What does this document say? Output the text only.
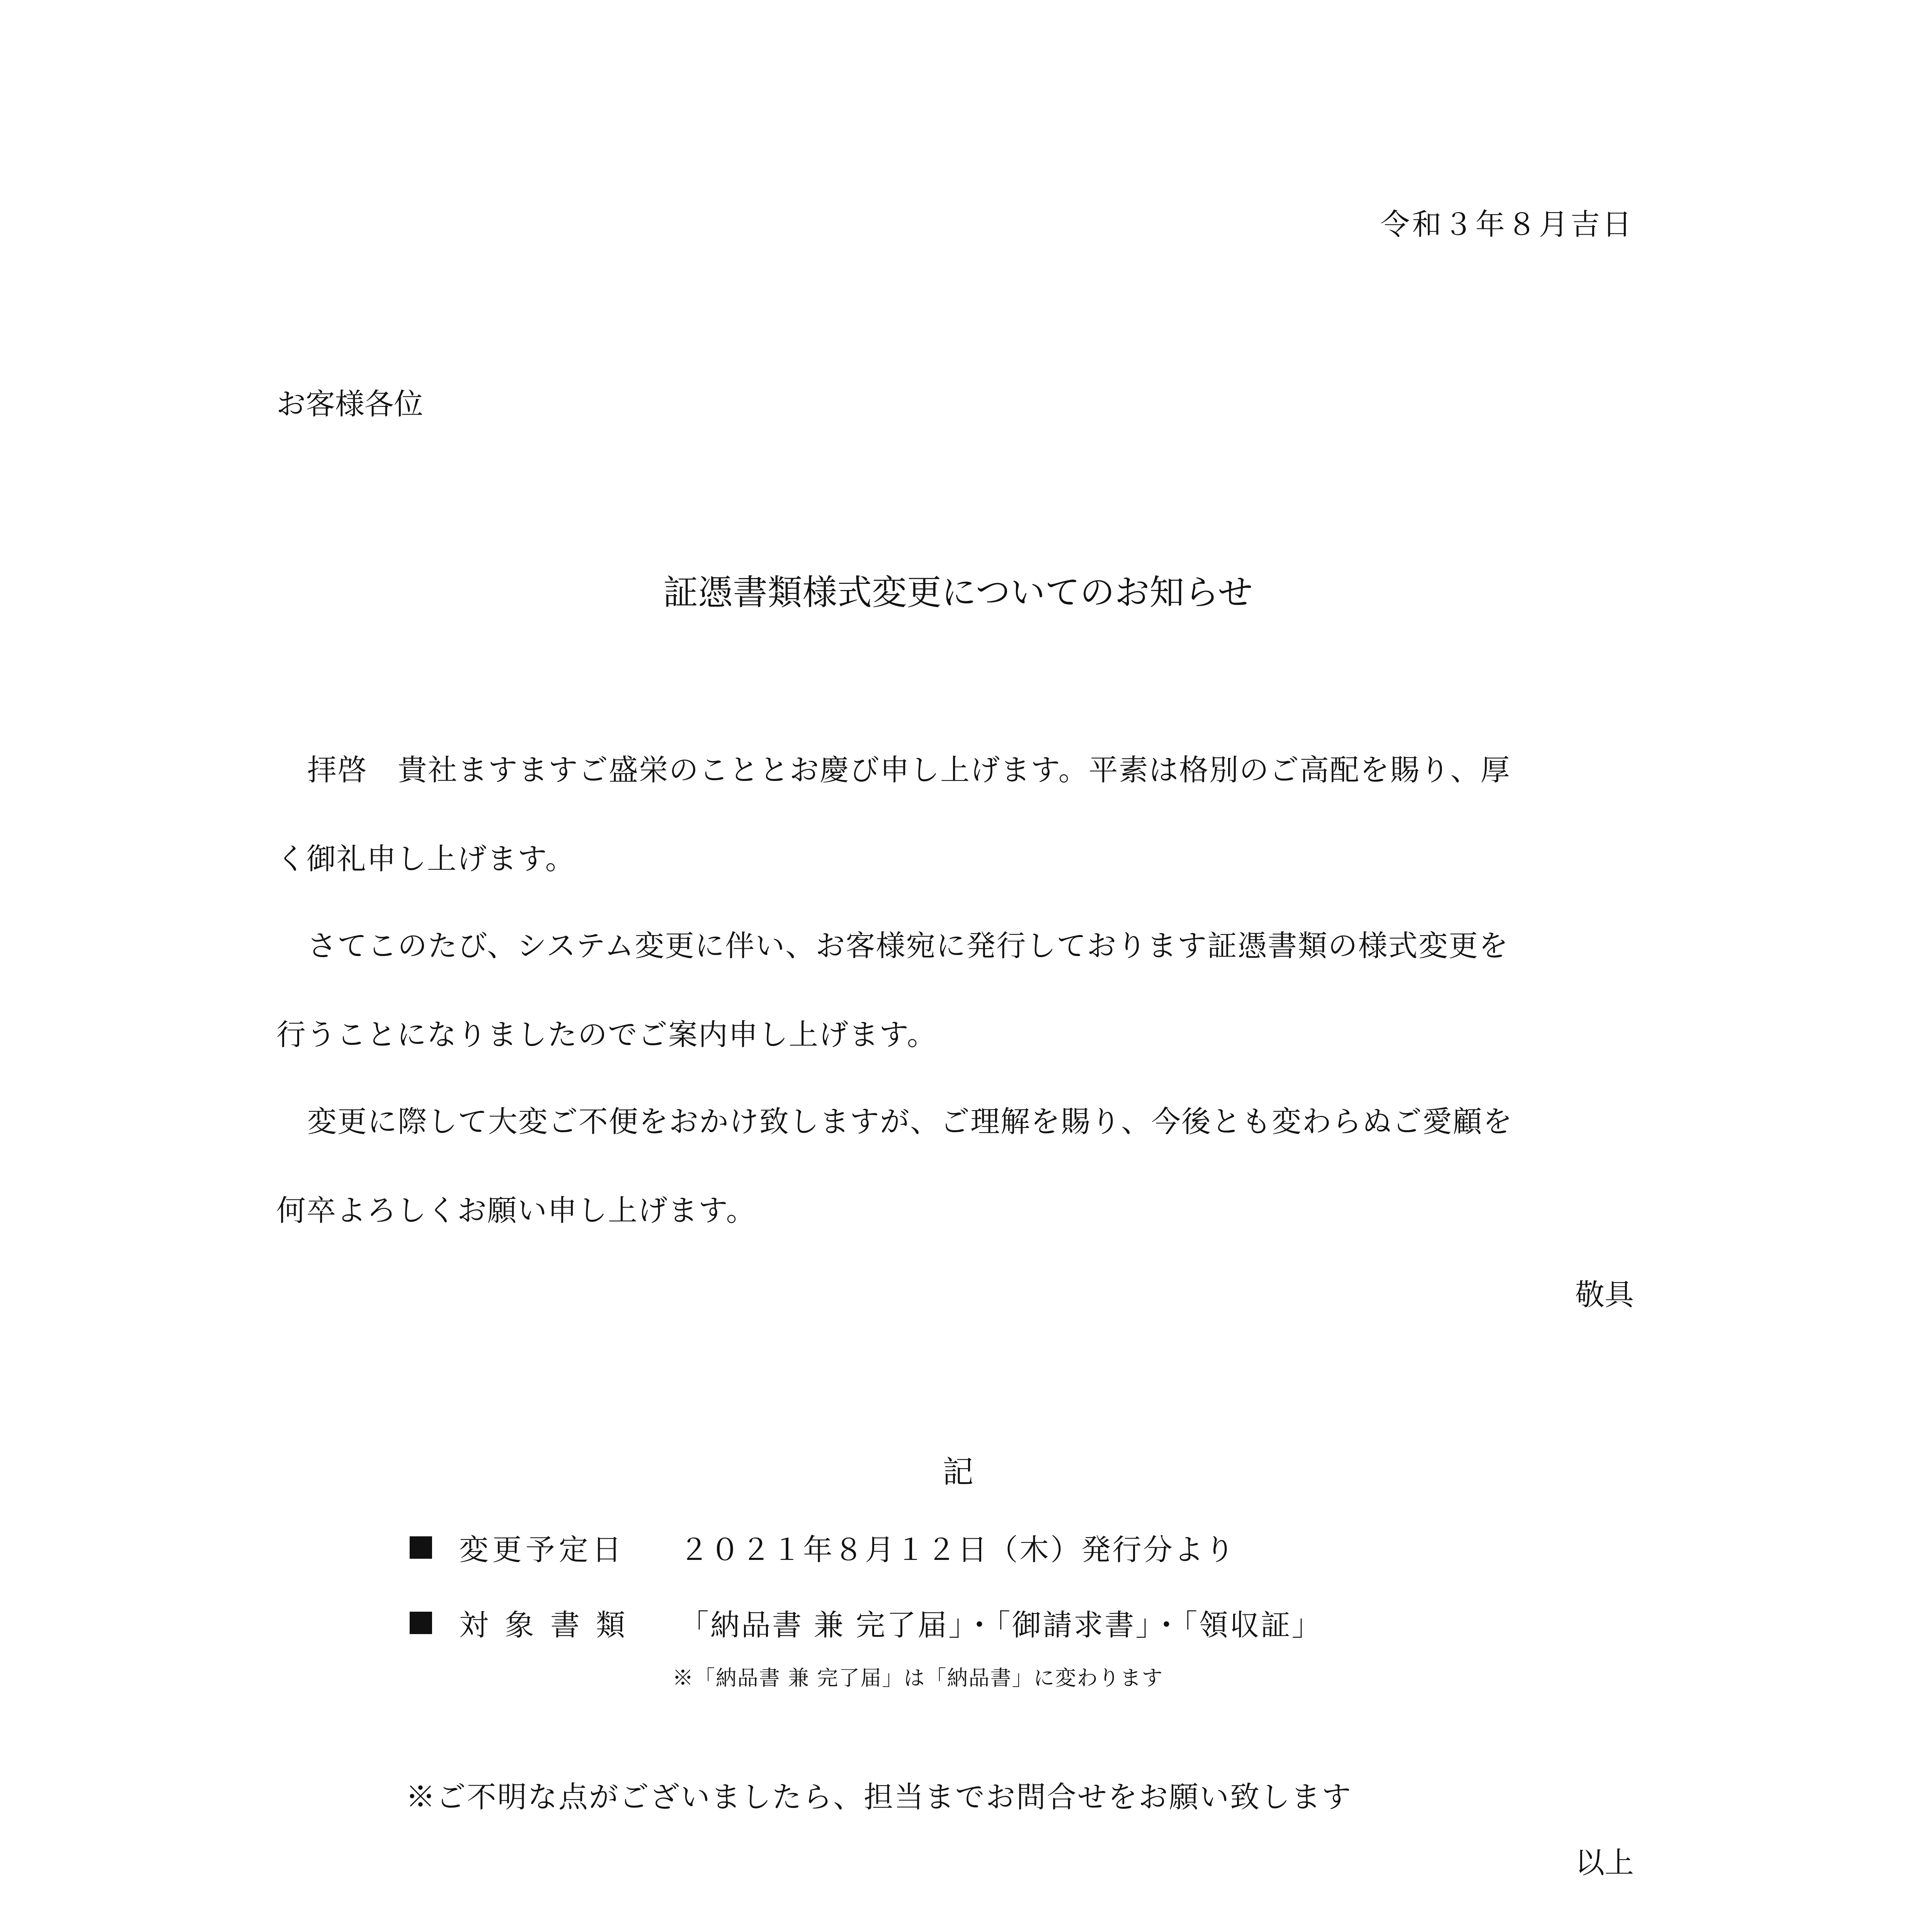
令和３年８月吉日
お客様各位
証憑書類様式変更についてのお知らせ
拝啓　貴社ますますご盛栄のこととお慶び申し上げます。平素は格別のご高配を賜り、厚
く御礼申し上げます。
さてこのたび、システム変更に伴い、お客様宛に発行しております証憑書類の様式変更を
行うことになりましたのでご案内申し上げます。
変更に際して大変ご不便をおかけ致しますが、ご理解を賜り、今後とも変わらぬご愛顧を
何卒よろしくお願い申し上げます。
敬具
記
変更予定日	２０２１年８月１２日（木）発行分より
対象書類	「納品書 兼 完了届」・「御請求書」・「領収証」
※「納品書 兼 完了届」は「納品書」に変わります
※ご不明な点がございましたら、担当までお問合せをお願い致します
以上
